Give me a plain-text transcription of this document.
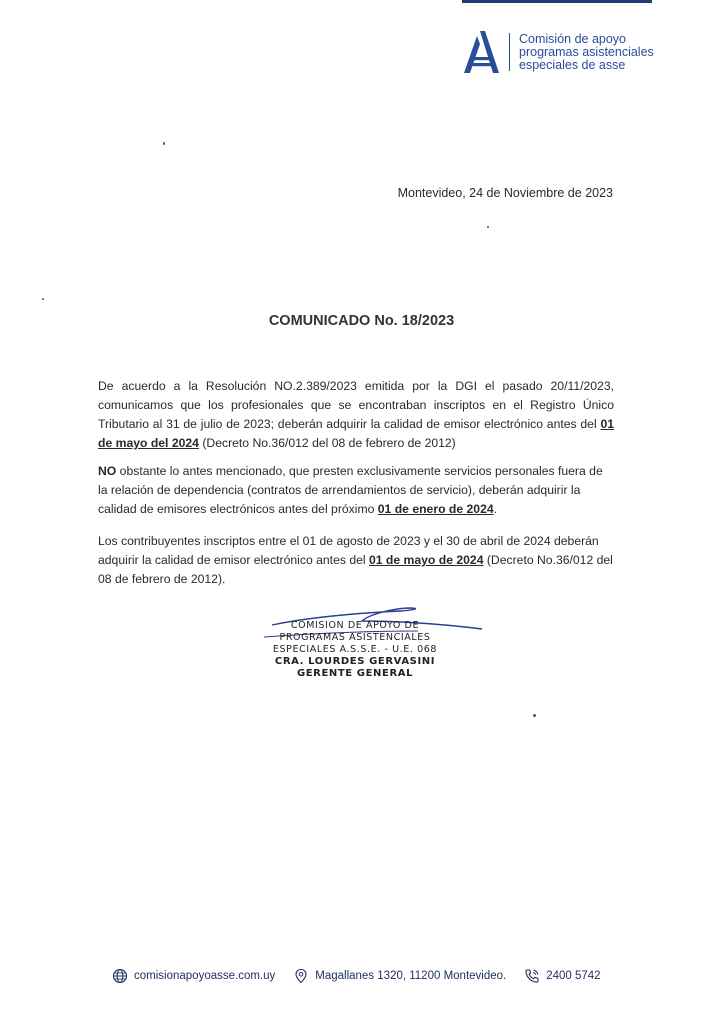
Comisión de apoyo
programas asistenciales
especiales de asse
Montevideo, 24 de Noviembre de 2023
COMUNICADO No. 18/2023

De acuerdo a la Resolución NO.2.389/2023 emitida por la DGI el pasado 20/11/2023, comunicamos que los profesionales que se encontraban inscriptos en el Registro Único Tributario al 31 de julio de 2023; deberán adquirir la calidad de emisor electrónico antes del 01 de mayo del 2024 (Decreto No.36/012 del 08 de febrero de 2012)

NO obstante lo antes mencionado, que presten exclusivamente servicios personales fuera de la relación de dependencia (contratos de arrendamientos de servicio), deberán adquirir la calidad de emisores electrónicos antes del próximo 01 de enero de 2024.

Los contribuyentes inscriptos entre el 01 de agosto de 2023 y el 30 de abril de 2024 deberán adquirir la calidad de emisor electrónico antes del 01 de mayo de 2024 (Decreto No.36/012 del 08 de febrero de 2012).

COMISION DE APOYO DE
PROGRAMAS ASISTENCIALES
ESPECIALES A.S.S.E. - U.E. 068
CRA. LOURDES GERVASINI
GERENTE GENERAL
comisionapoyoasse.com.uy	Magallanes 1320, 11200 Montevideo.	2400 5742
